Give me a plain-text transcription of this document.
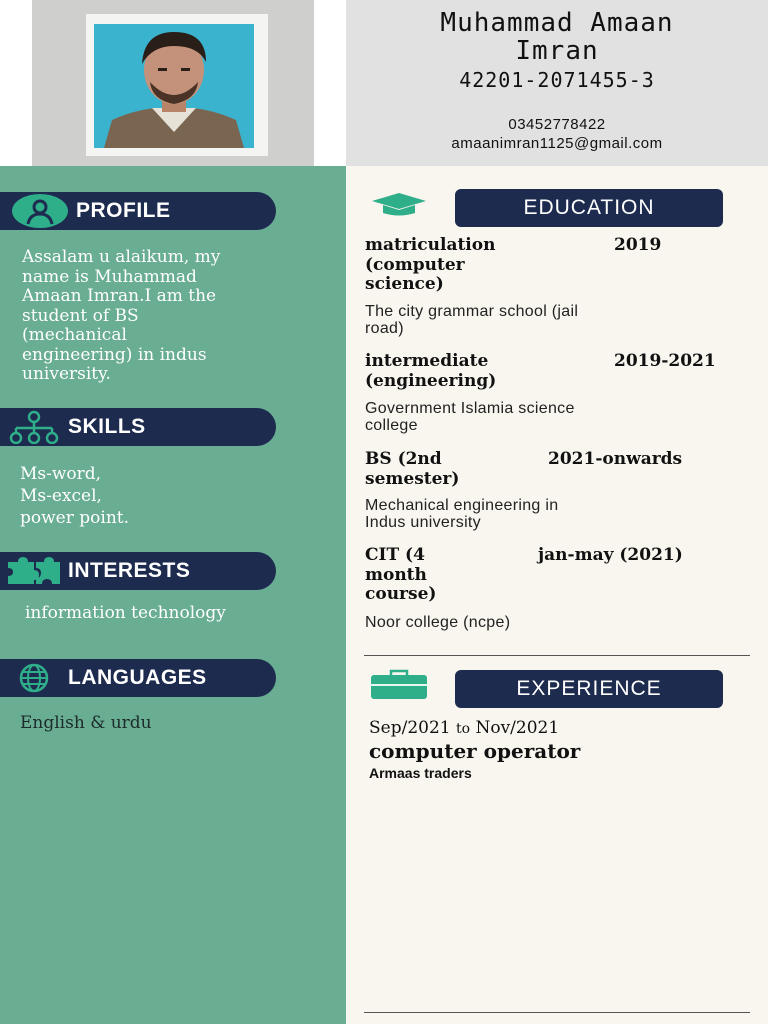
Muhammad Amaan
Imran
42201-2071455-3
03452778422
amaanimran1125@gmail.com
PROFILE
Assalam u alaikum, my
name is Muhammad
Amaan Imran.I am the
student of BS
(mechanical
engineering) in indus
university.
SKILLS
Ms-word,
Ms-excel,
power point.
INTERESTS
information technology
LANGUAGES
English & urdu
EDUCATION
matriculation
(computer
science)
2019
The city grammar school (jail
road)
intermediate
(engineering)
2019-2021
Government Islamia science
college
BS (2nd
semester)
2021-onwards
Mechanical engineering in
Indus university
CIT (4
month
course)
jan-may (2021)
Noor college (ncpe)
EXPERIENCE
Sep/2021 to Nov/2021
computer operator
Armaas traders
